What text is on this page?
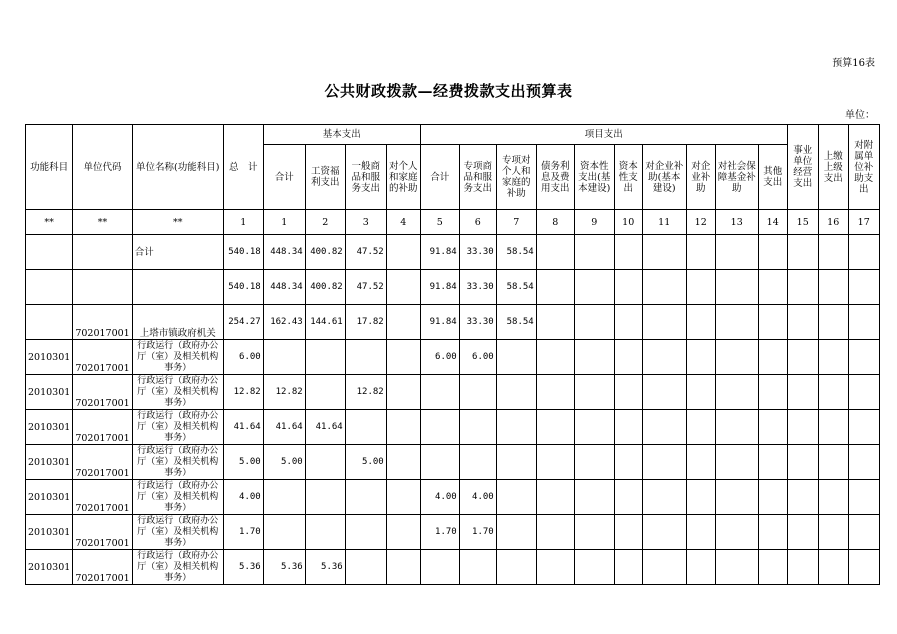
预算16表
公共财政拨款—经费拨款支出预算表
单位：
功能科目	单位代码	单位名称(功能科目)	总　计	基本支出				项目支出										事业单位经营支出	上缴上级支出	对附属单位补助支出
				合计	工资福利支出	一般商品和服务支出	对个人和家庭的补助	合计	专项商品和服务支出	专项对个人和家庭的补助	债务利息及费用支出	资本性支出(基本建设)	资本性支出	对企业补助(基本建设)	对企业补助	对社会保障基金补助	其他支出			
**	**	**	1	1	2	3	4	5	6	7	8	9	10	11	12	13	14	15	16	17
		合计	540.18	448.34	400.82	47.52		91.84	33.30	58.54										
			540.18	448.34	400.82	47.52		91.84	33.30	58.54										
	702017001	上塔市镇政府机关	254.27	162.43	144.61	17.82		91.84	33.30	58.54										
2010301	702017001	行政运行（政府办公厅（室）及相关机构事务）	6.00					6.00	6.00											
2010301	702017001	行政运行（政府办公厅（室）及相关机构事务）	12.82	12.82		12.82														
2010301	702017001	行政运行（政府办公厅（室）及相关机构事务）	41.64	41.64	41.64															
2010301	702017001	行政运行（政府办公厅（室）及相关机构事务）	5.00	5.00		5.00														
2010301	702017001	行政运行（政府办公厅（室）及相关机构事务）	4.00					4.00	4.00											
2010301	702017001	行政运行（政府办公厅（室）及相关机构事务）	1.70					1.70	1.70											
2010301	702017001	行政运行（政府办公厅（室）及相关机构事务）	5.36	5.36	5.36															
